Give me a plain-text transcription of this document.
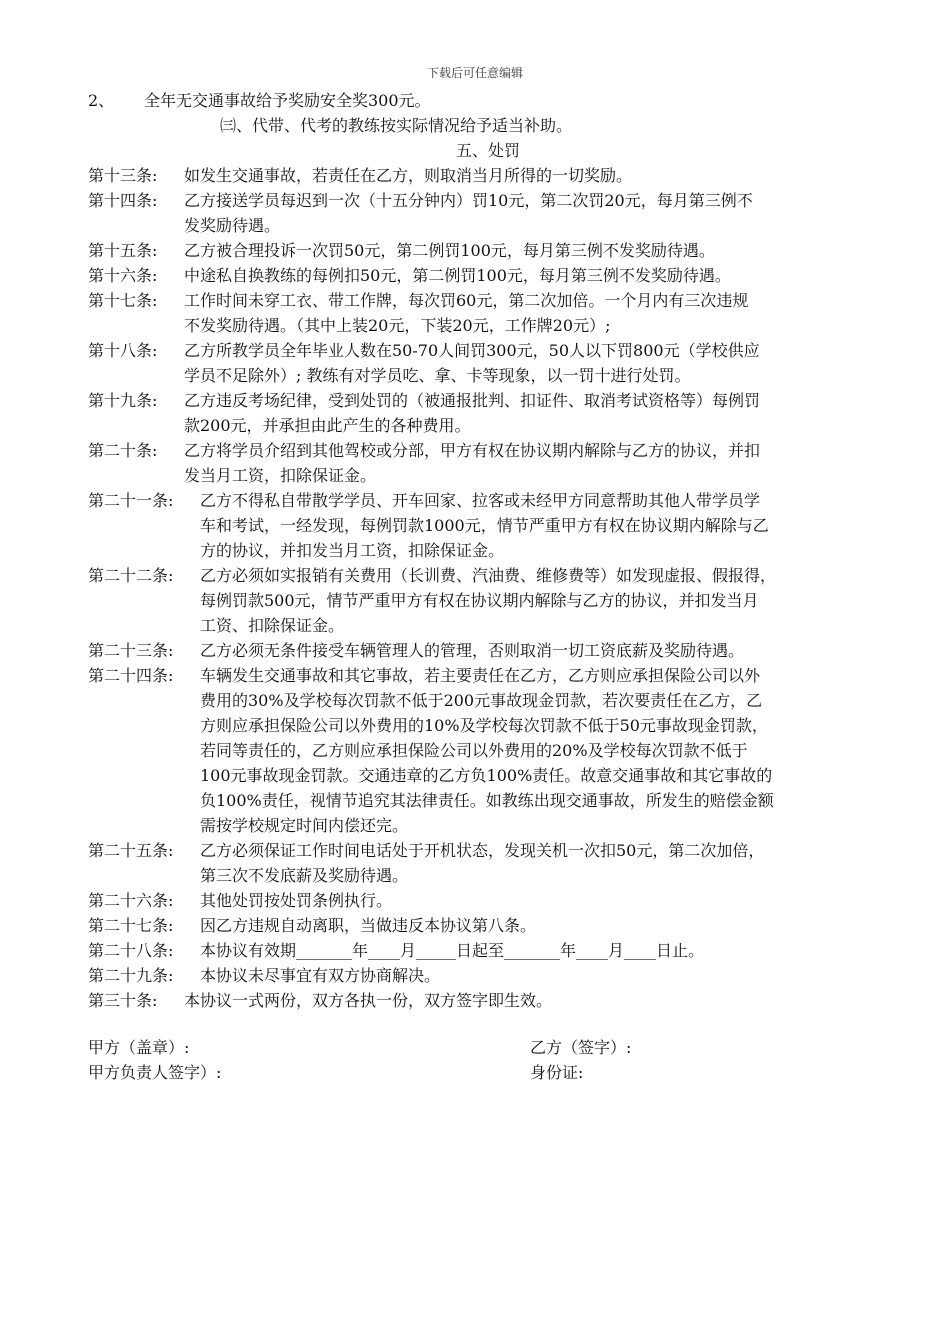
下载后可任意编辑
2、 全年无交通事故给予奖励安全奖300元。
㈢、代带、代考的教练按实际情况给予适当补助。
五、处罚
第十三条:	如发生交通事故，若责任在乙方，则取消当月所得的一切奖励。
第十四条:	乙方接送学员每迟到一次（十五分钟内）罚10元，第二次罚20元，每月第三例不
发奖励待遇。
第十五条:	乙方被合理投诉一次罚50元，第二例罚100元，每月第三例不发奖励待遇。
第十六条:	中途私自换教练的每例扣50元，第二例罚100元，每月第三例不发奖励待遇。
第十七条:	工作时间未穿工衣、带工作牌，每次罚60元，第二次加倍。一个月内有三次违规
不发奖励待遇。（其中上装20元，下装20元，工作牌20元）;
第十八条:	乙方所教学员全年毕业人数在50-70人间罚300元，50人以下罚800元（学校供应
学员不足除外）; 教练有对学员吃、拿、卡等现象，以一罚十进行处罚。
第十九条:	乙方违反考场纪律，受到处罚的（被通报批判、扣证件、取消考试资格等）每例罚
款200元，并承担由此产生的各种费用。
第二十条:	乙方将学员介绍到其他驾校或分部，甲方有权在协议期内解除与乙方的协议，并扣
发当月工资，扣除保证金。
第二十一条:	乙方不得私自带散学学员、开车回家、拉客或未经甲方同意帮助其他人带学员学
车和考试，一经发现，每例罚款1000元，情节严重甲方有权在协议期内解除与乙
方的协议，并扣发当月工资，扣除保证金。
第二十二条:	乙方必须如实报销有关费用（长训费、汽油费、维修费等）如发现虚报、假报得，
每例罚款500元，情节严重甲方有权在协议期内解除与乙方的协议，并扣发当月
工资、扣除保证金。
第二十三条:	乙方必须无条件接受车辆管理人的管理，否则取消一切工资底薪及奖励待遇。
第二十四条:	车辆发生交通事故和其它事故，若主要责任在乙方，乙方则应承担保险公司以外
费用的30%及学校每次罚款不低于200元事故现金罚款，若次要责任在乙方，乙
方则应承担保险公司以外费用的10%及学校每次罚款不低于50元事故现金罚款，
若同等责任的，乙方则应承担保险公司以外费用的20%及学校每次罚款不低于
100元事故现金罚款。交通违章的乙方负100%责任。故意交通事故和其它事故的
负100%责任，视情节追究其法律责任。如教练出现交通事故，所发生的赔偿金额
需按学校规定时间内偿还完。
第二十五条:	乙方必须保证工作时间电话处于开机状态，发现关机一次扣50元，第二次加倍，
第三次不发底薪及奖励待遇。
第二十六条:	其他处罚按处罚条例执行。
第二十七条:	因乙方违规自动离职，当做违反本协议第八条。
第二十八条:	本协议有效期_______年____月_____日起至_______年____月____日止。
第二十九条:	本协议未尽事宜有双方协商解决。
第三十条:	本协议一式两份，双方各执一份，双方签字即生效。
甲方（盖章）:	乙方（签字）:
甲方负责人签字）:	身份证:
